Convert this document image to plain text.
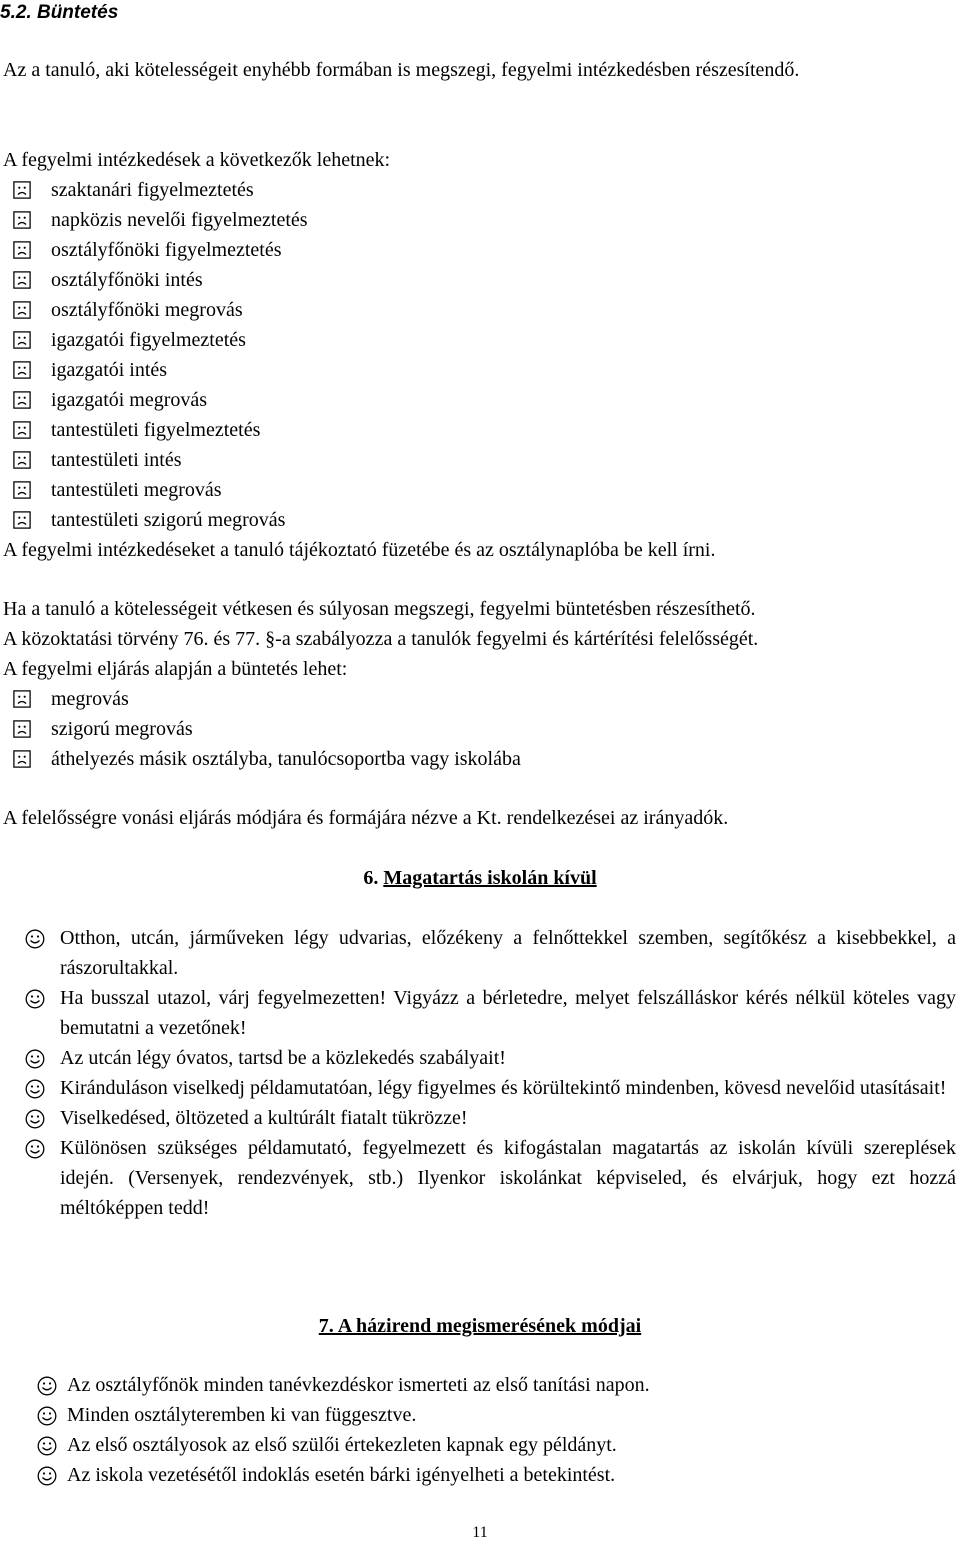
5.2. Büntetés

Az a tanuló, aki kötelességeit enyhébb formában is megszegi, fegyelmi intézkedésben részesítendő.

A fegyelmi intézkedések a következők lehetnek:

szaktanári figyelmeztetés
napközis nevelői figyelmeztetés
osztályfőnöki figyelmeztetés
osztályfőnöki intés
osztályfőnöki megrovás
igazgatói figyelmeztetés
igazgatói intés
igazgatói megrovás
tantestületi figyelmeztetés
tantestületi intés
tantestületi megrovás
tantestületi szigorú megrovás

A fegyelmi intézkedéseket a tanuló tájékoztató füzetébe és az osztálynaplóba be kell írni.

Ha a tanuló a kötelességeit vétkesen és súlyosan megszegi, fegyelmi büntetésben részesíthető.

A közoktatási törvény 76. és 77. §-a szabályozza a tanulók fegyelmi és kártérítési felelősségét.

A fegyelmi eljárás alapján a büntetés lehet:

megrovás
szigorú megrovás
áthelyezés másik osztályba, tanulócsoportba vagy iskolába

A felelősségre vonási eljárás módjára és formájára nézve a Kt. rendelkezései az irányadók.

6. Magatartás iskolán kívül
Otthon, utcán, járműveken légy udvarias, előzékeny a felnőttekkel szemben, segítőkész a kisebbekkel, a rászorultakkal.
Ha busszal utazol, várj fegyelmezetten! Vigyázz a bérletedre, melyet felszálláskor kérés nélkül köteles vagy bemutatni a vezetőnek!
Az utcán légy óvatos, tartsd be a közlekedés szabályait!
Kiránduláson viselkedj példamutatóan, légy figyelmes és körültekintő mindenben, kövesd nevelőid utasításait!
Viselkedésed, öltözeted a kultúrált fiatalt tükrözze!
Különösen szükséges példamutató, fegyelmezett és kifogástalan magatartás az iskolán kívüli szereplések idején. (Versenyek, rendezvények, stb.) Ilyenkor iskolánkat képviseled, és elvárjuk, hogy ezt hozzá méltóképpen tedd!
7. A házirend megismerésének módjai
Az osztályfőnök minden tanévkezdéskor ismerteti az első tanítási napon.
Minden osztályteremben ki van függesztve.
Az első osztályosok az első szülői értekezleten kapnak egy példányt.
Az iskola vezetésétől indoklás esetén bárki igényelheti a betekintést.
11
